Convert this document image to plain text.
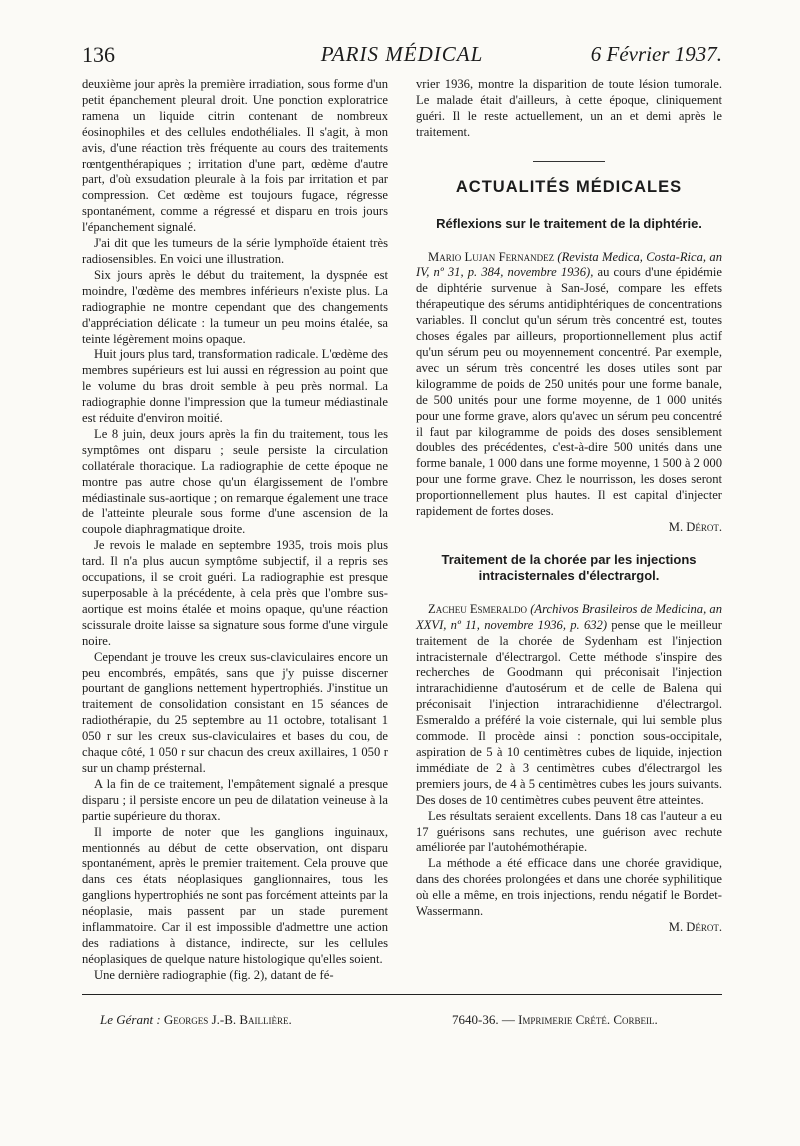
136	PARIS MÉDICAL	6 Février 1937.

deuxième jour après la première irradiation, sous forme d'un petit épanchement pleural droit. Une ponction exploratrice ramena un liquide citrin contenant de nombreux éosinophiles et des cellules endothéliales. Il s'agit, à mon avis, d'une réaction très fréquente au cours des traitements rœntgenthérapiques ; irritation d'une part, œdème d'autre part, d'où exsudation pleurale à la fois par irritation et par compression. Cet œdème est toujours fugace, régresse spontanément, comme a régressé et disparu en trois jours l'épanchement signalé.

J'ai dit que les tumeurs de la série lymphoïde étaient très radiosensibles. En voici une illustration.

Six jours après le début du traitement, la dyspnée est moindre, l'œdème des membres inférieurs n'existe plus. La radiographie ne montre cependant que des changements d'appréciation délicate : la tumeur un peu moins étalée, sa teinte légèrement moins opaque.

Huit jours plus tard, transformation radicale. L'œdème des membres supérieurs est lui aussi en régression au point que le volume du bras droit semble à peu près normal. La radiographie donne l'impression que la tumeur médiastinale est réduite d'environ moitié.

Le 8 juin, deux jours après la fin du traitement, tous les symptômes ont disparu ; seule persiste la circulation collatérale thoracique. La radiographie de cette époque ne montre pas autre chose qu'un élargissement de l'ombre médiastinale sus-aortique ; on remarque également une trace de l'atteinte pleurale sous forme d'une ascension de la coupole diaphragmatique droite.

Je revois le malade en septembre 1935, trois mois plus tard. Il n'a plus aucun symptôme subjectif, il a repris ses occupations, il se croit guéri. La radiographie est presque superposable à la précédente, à cela près que l'ombre sus-aortique est moins étalée et moins opaque, qu'une réaction scissurale droite laisse sa signature sous forme d'une virgule noire.

Cependant je trouve les creux sus-claviculaires encore un peu encombrés, empâtés, sans que j'y puisse discerner pourtant de ganglions nettement hypertrophiés. J'institue un traitement de consolidation consistant en 15 séances de radiothérapie, du 25 septembre au 11 octobre, totalisant 1 050 r sur les creux sus-claviculaires et bases du cou, de chaque côté, 1 050 r sur chacun des creux axillaires, 1 050 r sur un champ présternal.

A la fin de ce traitement, l'empâtement signalé a presque disparu ; il persiste encore un peu de dilatation veineuse à la partie supérieure du thorax.

Il importe de noter que les ganglions inguinaux, mentionnés au début de cette observation, ont disparu spontanément, après le premier traitement. Cela prouve que dans ces états néoplasiques ganglionnaires, tous les ganglions hypertrophiés ne sont pas forcément atteints par la néoplasie, mais passent par un stade purement inflammatoire. Car il est impossible d'admettre une action des radiations à distance, indirecte, sur les cellules néoplasiques de quelque nature histologique qu'elles soient.

Une dernière radiographie (fig. 2), datant de fé-

vrier 1936, montre la disparition de toute lésion tumorale. Le malade était d'ailleurs, à cette époque, cliniquement guéri. Il le reste actuellement, un an et demi après le traitement.

ACTUALITÉS MÉDICALES
Réflexions sur le traitement de la diphtérie.

Mario Lujan Fernandez (Revista Medica, Costa-Rica, an IV, nº 31, p. 384, novembre 1936), au cours d'une épidémie de diphtérie survenue à San-José, compare les effets thérapeutique des sérums antidiphtériques de concentrations variables. Il conclut qu'un sérum très concentré est, toutes choses égales par ailleurs, proportionnellement plus actif qu'un sérum peu ou moyennement concentré. Par exemple, avec un sérum très concentré les doses utiles sont par kilogramme de poids de 250 unités pour une forme banale, de 500 unités pour une forme moyenne, de 1 000 unités pour une forme grave, alors qu'avec un sérum peu concentré il faut par kilogramme de poids des doses sensiblement doubles des précédentes, c'est-à-dire 500 unités dans une forme banale, 1 000 dans une forme moyenne, 1 500 à 2 000 pour une forme grave. Chez le nourrisson, les doses seront proportionnellement plus hautes. Il est capital d'injecter rapidement de fortes doses.

M. Dérot.

Traitement de la chorée par les injections intracisternales d'électrargol.

Zacheu Esmeraldo (Archivos Brasileiros de Medicina, an XXVI, nº 11, novembre 1936, p. 632) pense que le meilleur traitement de la chorée de Sydenham est l'injection intracisternale d'électrargol. Cette méthode s'inspire des recherches de Goodmann qui préconisait l'injection intrarachidienne d'autosérum et de celle de Balena qui préconisait l'injection intrarachidienne d'électrargol. Esmeraldo a préféré la voie cisternale, qui lui semble plus commode. Il procède ainsi : ponction sous-occipitale, aspiration de 5 à 10 centimètres cubes de liquide, injection immédiate de 2 à 3 centimètres cubes d'électrargol les premiers jours, de 4 à 5 centimètres cubes les jours suivants. Des doses de 10 centimètres cubes peuvent être atteintes.

Les résultats seraient excellents. Dans 18 cas l'auteur a eu 17 guérisons sans rechutes, une guérison avec rechute améliorée par l'autohémothérapie.

La méthode a été efficace dans une chorée gravidique, dans des chorées prolongées et dans une chorée syphilitique où elle a même, en trois injections, rendu négatif le Bordet-Wassermann.

M. Dérot.

Le Gérant : Georges J.-B. Baillière.	7640-36. — Imprimerie Crété. Corbeil.
